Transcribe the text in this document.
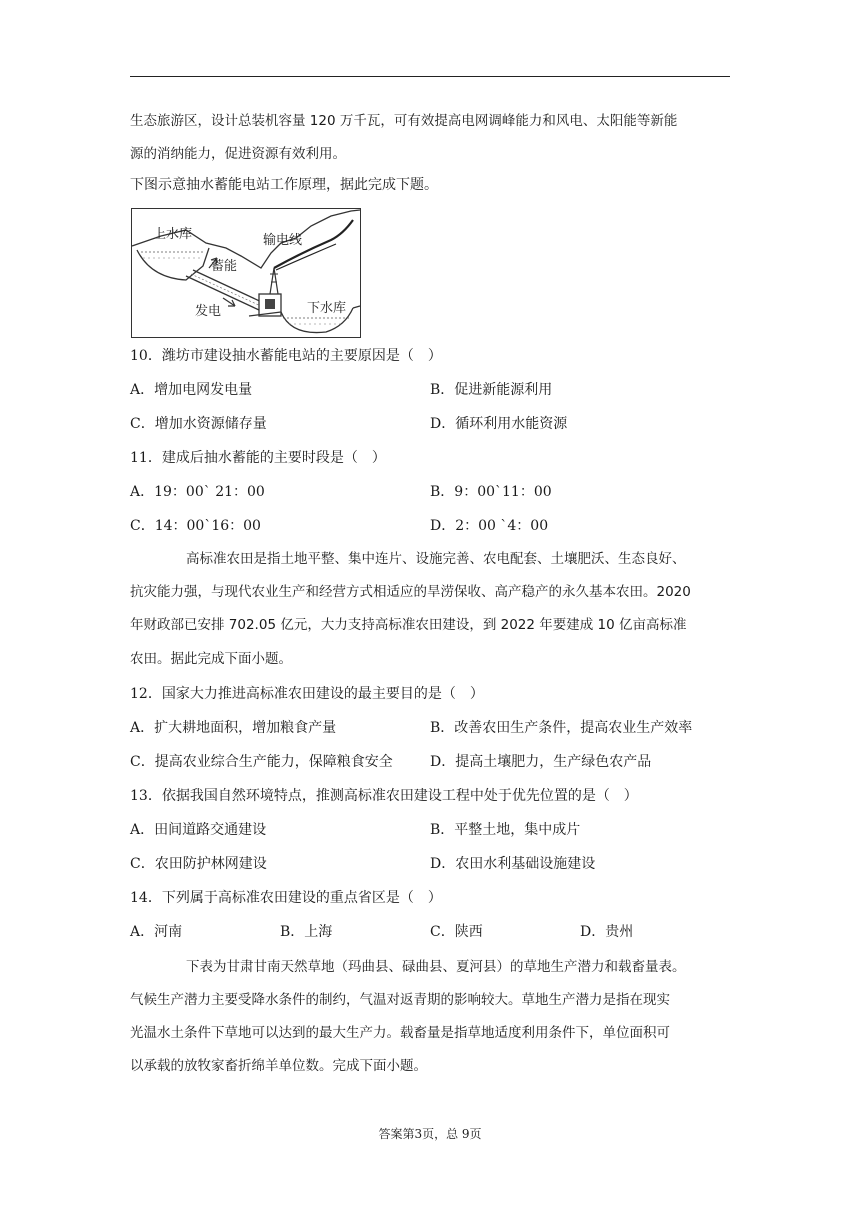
生态旅游区，设计总装机容量 120 万千瓦，可有效提高电网调峰能力和风电、太阳能等新能
源的消纳能力，促进资源有效利用。
下图示意抽水蓄能电站工作原理，据此完成下题。
上水库	输电线
蓄能
发电	下水库
10．潍坊市建设抽水蓄能电站的主要原因是（　）
A．增加电网发电量	B．促进新能源利用
C．增加水资源储存量	D．循环利用水能资源
11．建成后抽水蓄能的主要时段是（　）
A．19：00ˋ 21：00	B．9：00ˋ11：00
C．14：00ˋ16：00	D．2：00 ˋ4：00
高标准农田是指土地平整、集中连片、设施完善、农电配套、土壤肥沃、生态良好、
抗灾能力强，与现代农业生产和经营方式相适应的旱涝保收、高产稳产的永久基本农田。2020
年财政部已安排 702.05 亿元，大力支持高标准农田建设，到 2022 年要建成 10 亿亩高标准
农田。据此完成下面小题。
12．国家大力推进高标准农田建设的最主要目的是（　）
A．扩大耕地面积，增加粮食产量	B．改善农田生产条件，提高农业生产效率
C．提高农业综合生产能力，保障粮食安全	D．提高土壤肥力，生产绿色农产品
13．依据我国自然环境特点，推测高标准农田建设工程中处于优先位置的是（　）
A．田间道路交通建设	B．平整土地，集中成片
C．农田防护林网建设	D．农田水利基础设施建设
14．下列属于高标准农田建设的重点省区是（　）
A．河南	B．上海	C．陕西	D．贵州
下表为甘肃甘南天然草地（玛曲县、碌曲县、夏河县）的草地生产潜力和载畜量表。
气候生产潜力主要受降水条件的制约，气温对返青期的影响较大。草地生产潜力是指在现实
光温水土条件下草地可以达到的最大生产力。载畜量是指草地适度利用条件下，单位面积可
以承载的放牧家畜折绵羊单位数。完成下面小题。
答案第3页，总 9页
